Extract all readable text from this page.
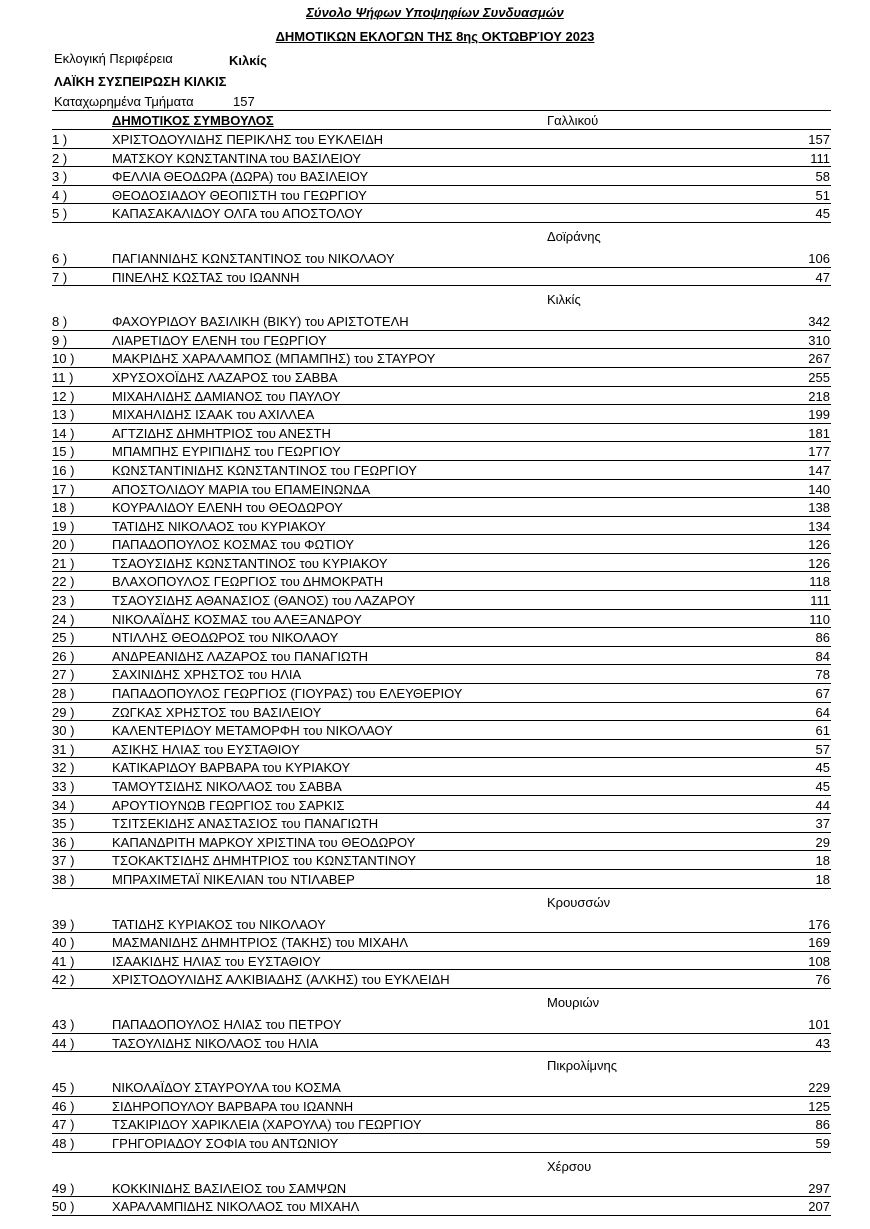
Σύνολο Ψήφων Υποψηφίων Συνδυασμών
ΔΗΜΟΤΙΚΩΝ ΕΚΛΟΓΩΝ ΤΗΣ 8ης ΟΚΤΩΒΡΊΟΥ 2023
Εκλογική Περιφέρεια	Κιλκίς
ΛΑΪΚΗ ΣΥΣΠΕΙΡΩΣΗ ΚΙΛΚΙΣ
Καταχωρημένα Τμήματα	157
ΔΗΜΟΤΙΚΟΣ ΣΥΜΒΟΥΛΟΣ	Γαλλικού
1 )	ΧΡΙΣΤΟΔΟΥΛΙΔΗΣ ΠΕΡΙΚΛΗΣ του ΕΥΚΛΕΙΔΗ	157
2 )	ΜΑΤΣΚΟΥ ΚΩΝΣΤΑΝΤΙΝΑ του ΒΑΣΙΛΕΙΟΥ	111
3 )	ΦΕΛΛΙΑ ΘΕΟΔΩΡΑ (ΔΩΡΑ) του ΒΑΣΙΛΕΙΟΥ	58
4 )	ΘΕΟΔΟΣΙΑΔΟΥ ΘΕΟΠΙΣΤΗ του ΓΕΩΡΓΙΟΥ	51
5 )	ΚΑΠΑΣΑΚΑΛΙΔΟΥ ΟΛΓΑ του ΑΠΟΣΤΟΛΟΥ	45
Δοϊράνης
6 )	ΠΑΓΙΑΝΝΙΔΗΣ ΚΩΝΣΤΑΝΤΙΝΟΣ του ΝΙΚΟΛΑΟΥ	106
7 )	ΠΙΝΕΛΗΣ ΚΩΣΤΑΣ του ΙΩΑΝΝΗ	47
Κιλκίς
8 )	ΦΑΧΟΥΡΙΔΟΥ ΒΑΣΙΛΙΚΗ (ΒΙΚΥ) του ΑΡΙΣΤΟΤΕΛΗ	342
9 )	ΛΙΑΡΕΤΙΔΟΥ ΕΛΕΝΗ του ΓΕΩΡΓΙΟΥ	310
10 )	ΜΑΚΡΙΔΗΣ ΧΑΡΑΛΑΜΠΟΣ (ΜΠΑΜΠΗΣ) του ΣΤΑΥΡΟΥ	267
11 )	ΧΡΥΣΟΧΟΪΔΗΣ ΛΑΖΑΡΟΣ του ΣΑΒΒΑ	255
12 )	ΜΙΧΑΗΛΙΔΗΣ ΔΑΜΙΑΝΟΣ του ΠΑΥΛΟΥ	218
13 )	ΜΙΧΑΗΛΙΔΗΣ ΙΣΑΑΚ του ΑΧΙΛΛΕΑ	199
14 )	ΑΓΤΖΙΔΗΣ ΔΗΜΗΤΡΙΟΣ του ΑΝΕΣΤΗ	181
15 )	ΜΠΑΜΠΗΣ ΕΥΡΙΠΙΔΗΣ του ΓΕΩΡΓΙΟΥ	177
16 )	ΚΩΝΣΤΑΝΤΙΝΙΔΗΣ ΚΩΝΣΤΑΝΤΙΝΟΣ του ΓΕΩΡΓΙΟΥ	147
17 )	ΑΠΟΣΤΟΛΙΔΟΥ ΜΑΡΙΑ του ΕΠΑΜΕΙΝΩΝΔΑ	140
18 )	ΚΟΥΡΑΛΙΔΟΥ ΕΛΕΝΗ του ΘΕΟΔΩΡΟΥ	138
19 )	ΤΑΤΙΔΗΣ ΝΙΚΟΛΑΟΣ του ΚΥΡΙΑΚΟΥ	134
20 )	ΠΑΠΑΔΟΠΟΥΛΟΣ ΚΟΣΜΑΣ του ΦΩΤΙΟΥ	126
21 )	ΤΣΑΟΥΣΙΔΗΣ ΚΩΝΣΤΑΝΤΙΝΟΣ του ΚΥΡΙΑΚΟΥ	126
22 )	ΒΛΑΧΟΠΟΥΛΟΣ ΓΕΩΡΓΙΟΣ του ΔΗΜΟΚΡΑΤΗ	118
23 )	ΤΣΑΟΥΣΙΔΗΣ ΑΘΑΝΑΣΙΟΣ (ΘΑΝΟΣ) του ΛΑΖΑΡΟΥ	111
24 )	ΝΙΚΟΛΑΪΔΗΣ ΚΟΣΜΑΣ του ΑΛΕΞΑΝΔΡΟΥ	110
25 )	ΝΤΙΛΛΗΣ ΘΕΟΔΩΡΟΣ του ΝΙΚΟΛΑΟΥ	86
26 )	ΑΝΔΡΕΑΝΙΔΗΣ ΛΑΖΑΡΟΣ του ΠΑΝΑΓΙΩΤΗ	84
27 )	ΣΑΧΙΝΙΔΗΣ ΧΡΗΣΤΟΣ του ΗΛΙΑ	78
28 )	ΠΑΠΑΔΟΠΟΥΛΟΣ ΓΕΩΡΓΙΟΣ (ΓΙΟΥΡΑΣ) του ΕΛΕΥΘΕΡΙΟΥ	67
29 )	ΖΩΓΚΑΣ ΧΡΗΣΤΟΣ του ΒΑΣΙΛΕΙΟΥ	64
30 )	ΚΑΛΕΝΤΕΡΙΔΟΥ ΜΕΤΑΜΟΡΦΗ του ΝΙΚΟΛΑΟΥ	61
31 )	ΑΣΙΚΗΣ ΗΛΙΑΣ του ΕΥΣΤΑΘΙΟΥ	57
32 )	ΚΑΤΙΚΑΡΙΔΟΥ ΒΑΡΒΑΡΑ του ΚΥΡΙΑΚΟΥ	45
33 )	ΤΑΜΟΥΤΣΙΔΗΣ ΝΙΚΟΛΑΟΣ του ΣΑΒΒΑ	45
34 )	ΑΡΟΥΤΙΟΥΝΩΒ ΓΕΩΡΓΙΟΣ του ΣΑΡΚΙΣ	44
35 )	ΤΣΙΤΣΕΚΙΔΗΣ ΑΝΑΣΤΑΣΙΟΣ του ΠΑΝΑΓΙΩΤΗ	37
36 )	ΚΑΠΑΝΔΡΙΤΗ ΜΑΡΚΟΥ ΧΡΙΣΤΙΝΑ του ΘΕΟΔΩΡΟΥ	29
37 )	ΤΣΟΚΑΚΤΣΙΔΗΣ ΔΗΜΗΤΡΙΟΣ του ΚΩΝΣΤΑΝΤΙΝΟΥ	18
38 )	ΜΠΡΑΧΙΜΕΤΑΪ ΝΙΚΕΛΙΑΝ του ΝΤΙΛΑΒΕΡ	18
Κρουσσών
39 )	ΤΑΤΙΔΗΣ ΚΥΡΙΑΚΟΣ του ΝΙΚΟΛΑΟΥ	176
40 )	ΜΑΣΜΑΝΙΔΗΣ ΔΗΜΗΤΡΙΟΣ (ΤΑΚΗΣ) του ΜΙΧΑΗΛ	169
41 )	ΙΣΑΑΚΙΔΗΣ ΗΛΙΑΣ του ΕΥΣΤΑΘΙΟΥ	108
42 )	ΧΡΙΣΤΟΔΟΥΛΙΔΗΣ ΑΛΚΙΒΙΑΔΗΣ (ΑΛΚΗΣ) του ΕΥΚΛΕΙΔΗ	76
Μουριών
43 )	ΠΑΠΑΔΟΠΟΥΛΟΣ ΗΛΙΑΣ του ΠΕΤΡΟΥ	101
44 )	ΤΑΣΟΥΛΙΔΗΣ ΝΙΚΟΛΑΟΣ του ΗΛΙΑ	43
Πικρολίμνης
45 )	ΝΙΚΟΛΑΪΔΟΥ ΣΤΑΥΡΟΥΛΑ του ΚΟΣΜΑ	229
46 )	ΣΙΔΗΡΟΠΟΥΛΟΥ ΒΑΡΒΑΡΑ του ΙΩΑΝΝΗ	125
47 )	ΤΣΑΚΙΡΙΔΟΥ ΧΑΡΙΚΛΕΙΑ (ΧΑΡΟΥΛΑ) του ΓΕΩΡΓΙΟΥ	86
48 )	ΓΡΗΓΟΡΙΑΔΟΥ ΣΟΦΙΑ του ΑΝΤΩΝΙΟΥ	59
Χέρσου
49 )	ΚΟΚΚΙΝΙΔΗΣ ΒΑΣΙΛΕΙΟΣ του ΣΑΜΨΩΝ	297
50 )	ΧΑΡΑΛΑΜΠΙΔΗΣ ΝΙΚΟΛΑΟΣ του ΜΙΧΑΗΛ	207
